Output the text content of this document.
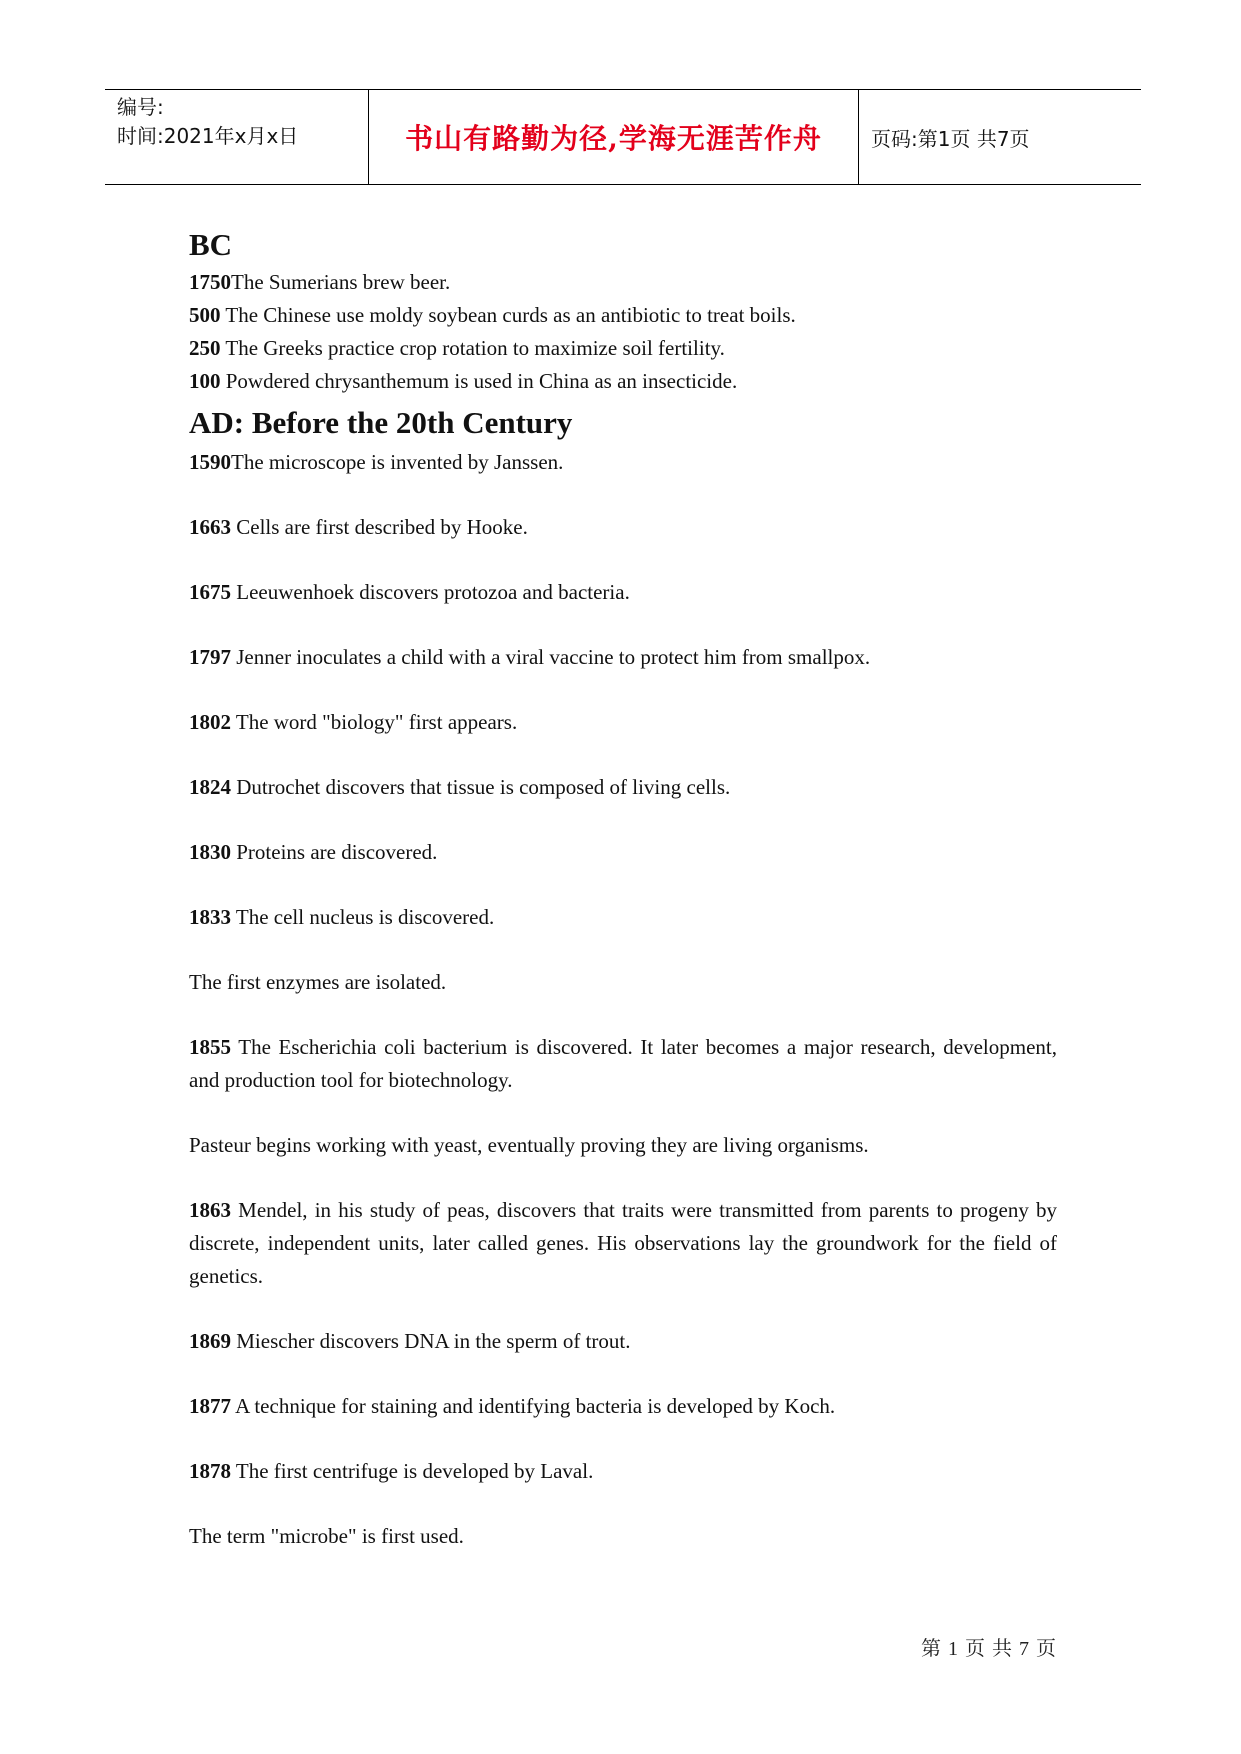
编号:
时间:2021年x月x日	书山有路勤为径,学海无涯苦作舟 页码:第1页 共7页
BC

1750The Sumerians brew beer.

500 The Chinese use moldy soybean curds as an antibiotic to treat boils.

250 The Greeks practice crop rotation to maximize soil fertility.

100 Powdered chrysanthemum is used in China as an insecticide.

AD: Before the 20th Century

1590The microscope is invented by Janssen.

1663 Cells are first described by Hooke.

1675 Leeuwenhoek discovers protozoa and bacteria.

1797 Jenner inoculates a child with a viral vaccine to protect him from smallpox.

1802 The word "biology" first appears.

1824 Dutrochet discovers that tissue is composed of living cells.

1830 Proteins are discovered.

1833 The cell nucleus is discovered.

The first enzymes are isolated.

1855 The Escherichia coli bacterium is discovered. It later becomes a major research, development, and production tool for biotechnology.

Pasteur begins working with yeast, eventually proving they are living organisms.

1863 Mendel, in his study of peas, discovers that traits were transmitted from parents to progeny by discrete, independent units, later called genes. His observations lay the groundwork for the field of genetics.

1869 Miescher discovers DNA in the sperm of trout.

1877 A technique for staining and identifying bacteria is developed by Koch.

1878 The first centrifuge is developed by Laval.

The term "microbe" is first used.

第 1 页 共 7 页
